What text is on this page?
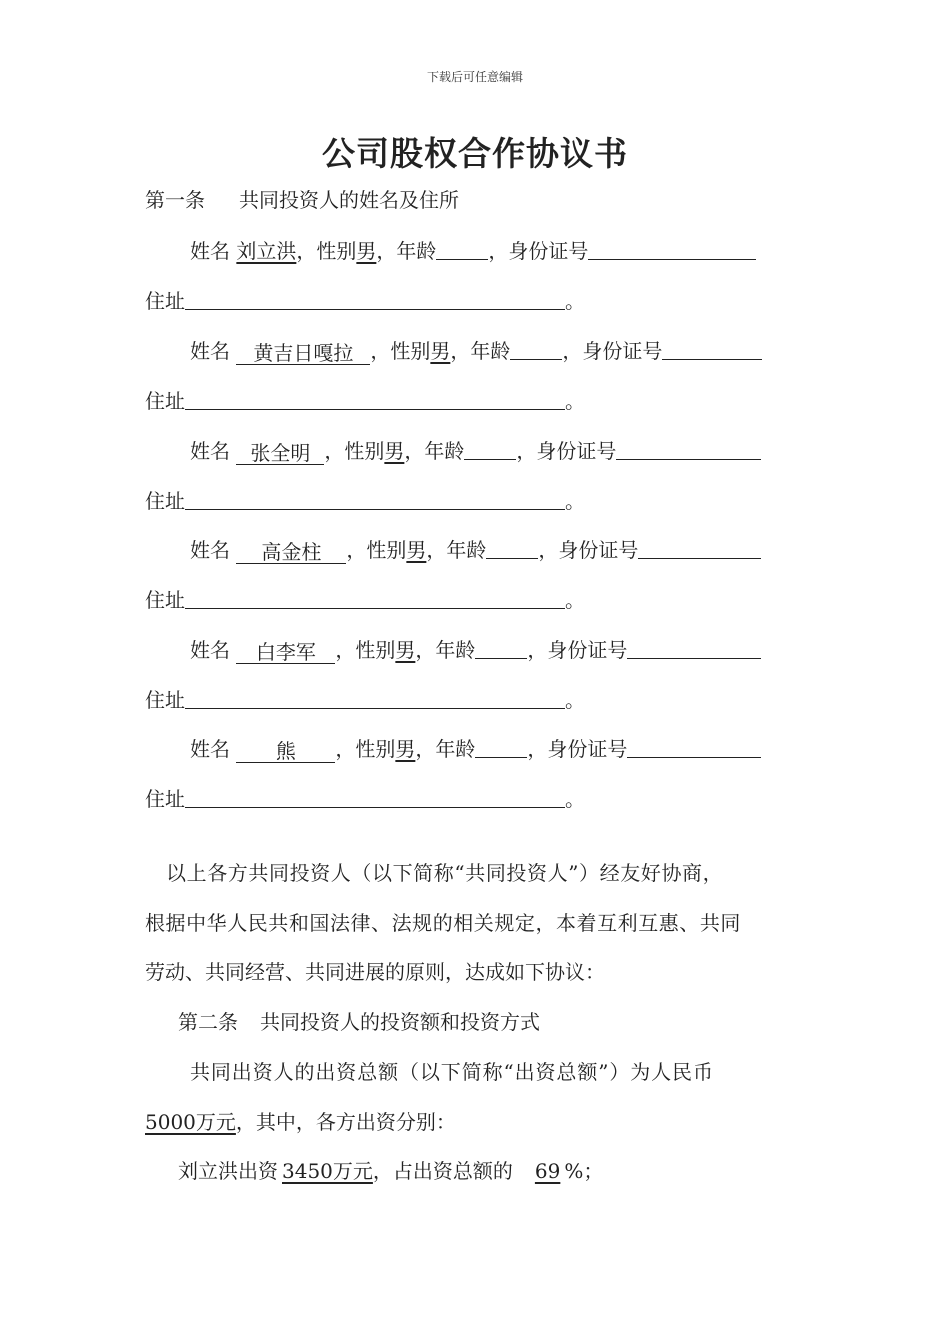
下载后可任意编辑
公司股权合作协议书
第一条 共同投资人的姓名及住所
姓名 刘立洪，性别男，年龄	，身份证号
住址	。
姓名 黄吉日嘎拉 ，性别男，年龄	，身份证号
住址	。
姓名 张全明 ，性别男，年龄	，身份证号
住址	。
姓名 高金柱 ，性别男，年龄	，身份证号
住址	。
姓名 白李军 ，性别男，年龄	，身份证号
住址	。
姓名 熊 ，性别男，年龄	，身份证号
住址	。
以上各方共同投资人（以下简称“共同投资人”）经友好协商，
根据中华人民共和国法律、法规的相关规定，本着互利互惠、共同
劳动、共同经营、共同进展的原则，达成如下协议：
第二条 共同投资人的投资额和投资方式
共同出资人的出资总额（以下简称“出资总额”）为人民币
5000万元，其中，各方出资分别：
刘立洪出资 3450万元，占出资总额的 69 %；
